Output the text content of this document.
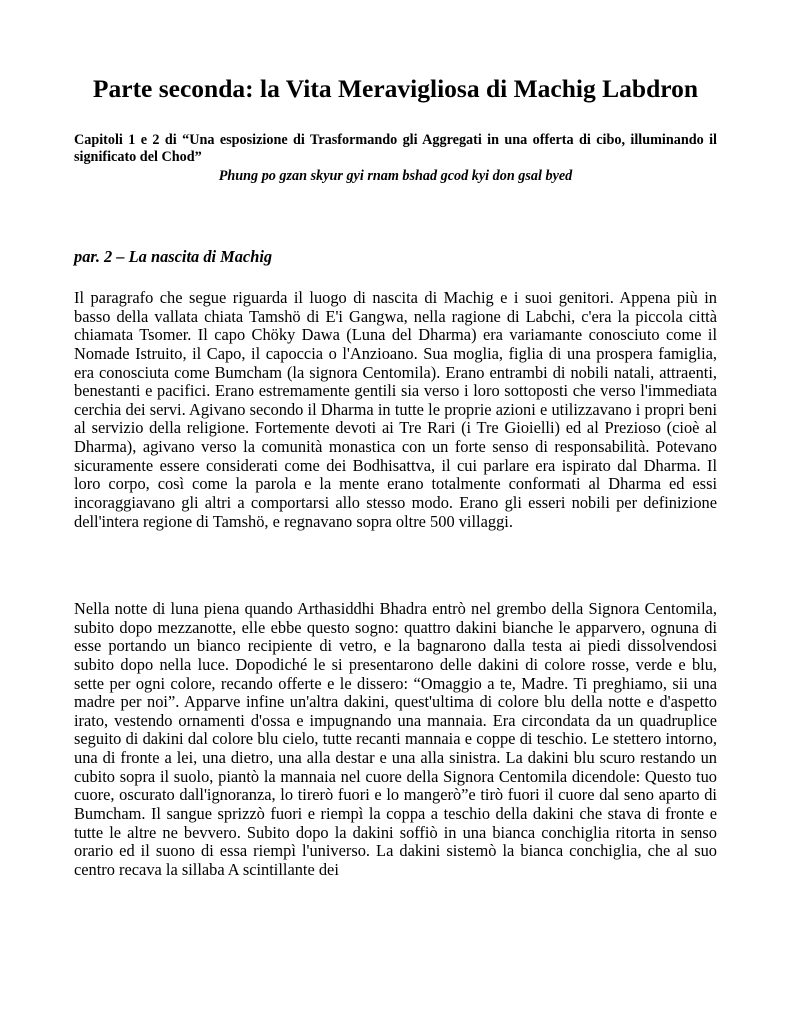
Parte seconda: la Vita Meravigliosa di Machig Labdron

Capitoli 1 e 2 di “Una esposizione di Trasformando gli Aggregati in una offerta di cibo, illuminando il significato del Chod”

Phung po gzan skyur gyi rnam bshad gcod kyi don gsal byed

par. 2 – La nascita di Machig

Il paragrafo che segue riguarda il luogo di nascita di Machig e i suoi genitori. Appena più in basso della vallata chiata Tamshö di E'i Gangwa, nella ragione di Labchi, c'era la piccola città chiamata Tsomer. Il capo Chöky Dawa (Luna del Dharma) era variamante conosciuto come il Nomade Istruito, il Capo, il capoccia o l'Anzioano. Sua moglia, figlia di una prospera famiglia, era conosciuta come Bumcham (la signora Centomila). Erano entrambi di nobili natali, attraenti, benestanti e pacifici. Erano estremamente gentili sia verso i loro sottoposti che verso l'immediata cerchia dei servi. Agivano secondo il Dharma in tutte le proprie azioni e utilizzavano i propri beni al servizio della religione. Fortemente devoti ai Tre Rari (i Tre Gioielli) ed al Prezioso (cioè al Dharma), agivano verso la comunità monastica con un forte senso di responsabilità. Potevano sicuramente essere considerati come dei Bodhisattva, il cui parlare era ispirato dal Dharma. Il loro corpo, così come la parola e la mente erano totalmente conformati al Dharma ed essi incoraggiavano gli altri a comportarsi allo stesso modo. Erano gli esseri nobili per definizione dell'intera regione di Tamshö, e regnavano sopra oltre 500 villaggi.

Nella notte di luna piena quando Arthasiddhi Bhadra entrò nel grembo della Signora Centomila, subito dopo mezzanotte, elle ebbe questo sogno: quattro dakini bianche le apparvero, ognuna di esse portando un bianco recipiente di vetro, e la bagnarono dalla testa ai piedi dissolvendosi subito dopo nella luce. Dopodiché le si presentarono delle dakini di colore rosse, verde e blu, sette per ogni colore, recando offerte e le dissero: “Omaggio a te, Madre. Ti preghiamo, sii una madre per noi”. Apparve infine un'altra dakini, quest'ultima di colore blu della notte e d'aspetto irato, vestendo ornamenti d'ossa e impugnando una mannaia. Era circondata da un quadruplice seguito di dakini dal colore blu cielo, tutte recanti mannaia e coppe di teschio. Le stettero intorno, una di fronte a lei, una dietro, una alla destar e una alla sinistra. La dakini blu scuro restando un cubito sopra il suolo, piantò la mannaia nel cuore della Signora Centomila dicendole: Questo tuo cuore, oscurato dall'ignoranza, lo tirerò fuori e lo mangerò”e tirò fuori il cuore dal seno aparto di Bumcham. Il sangue sprizzò fuori e riempì la coppa a teschio della dakini che stava di fronte e tutte le altre ne bevvero. Subito dopo la dakini soffiò in una bianca conchiglia ritorta in senso orario ed il suono di essa riempì l'universo. La dakini sistemò la bianca conchiglia, che al suo centro recava la sillaba A scintillante dei
